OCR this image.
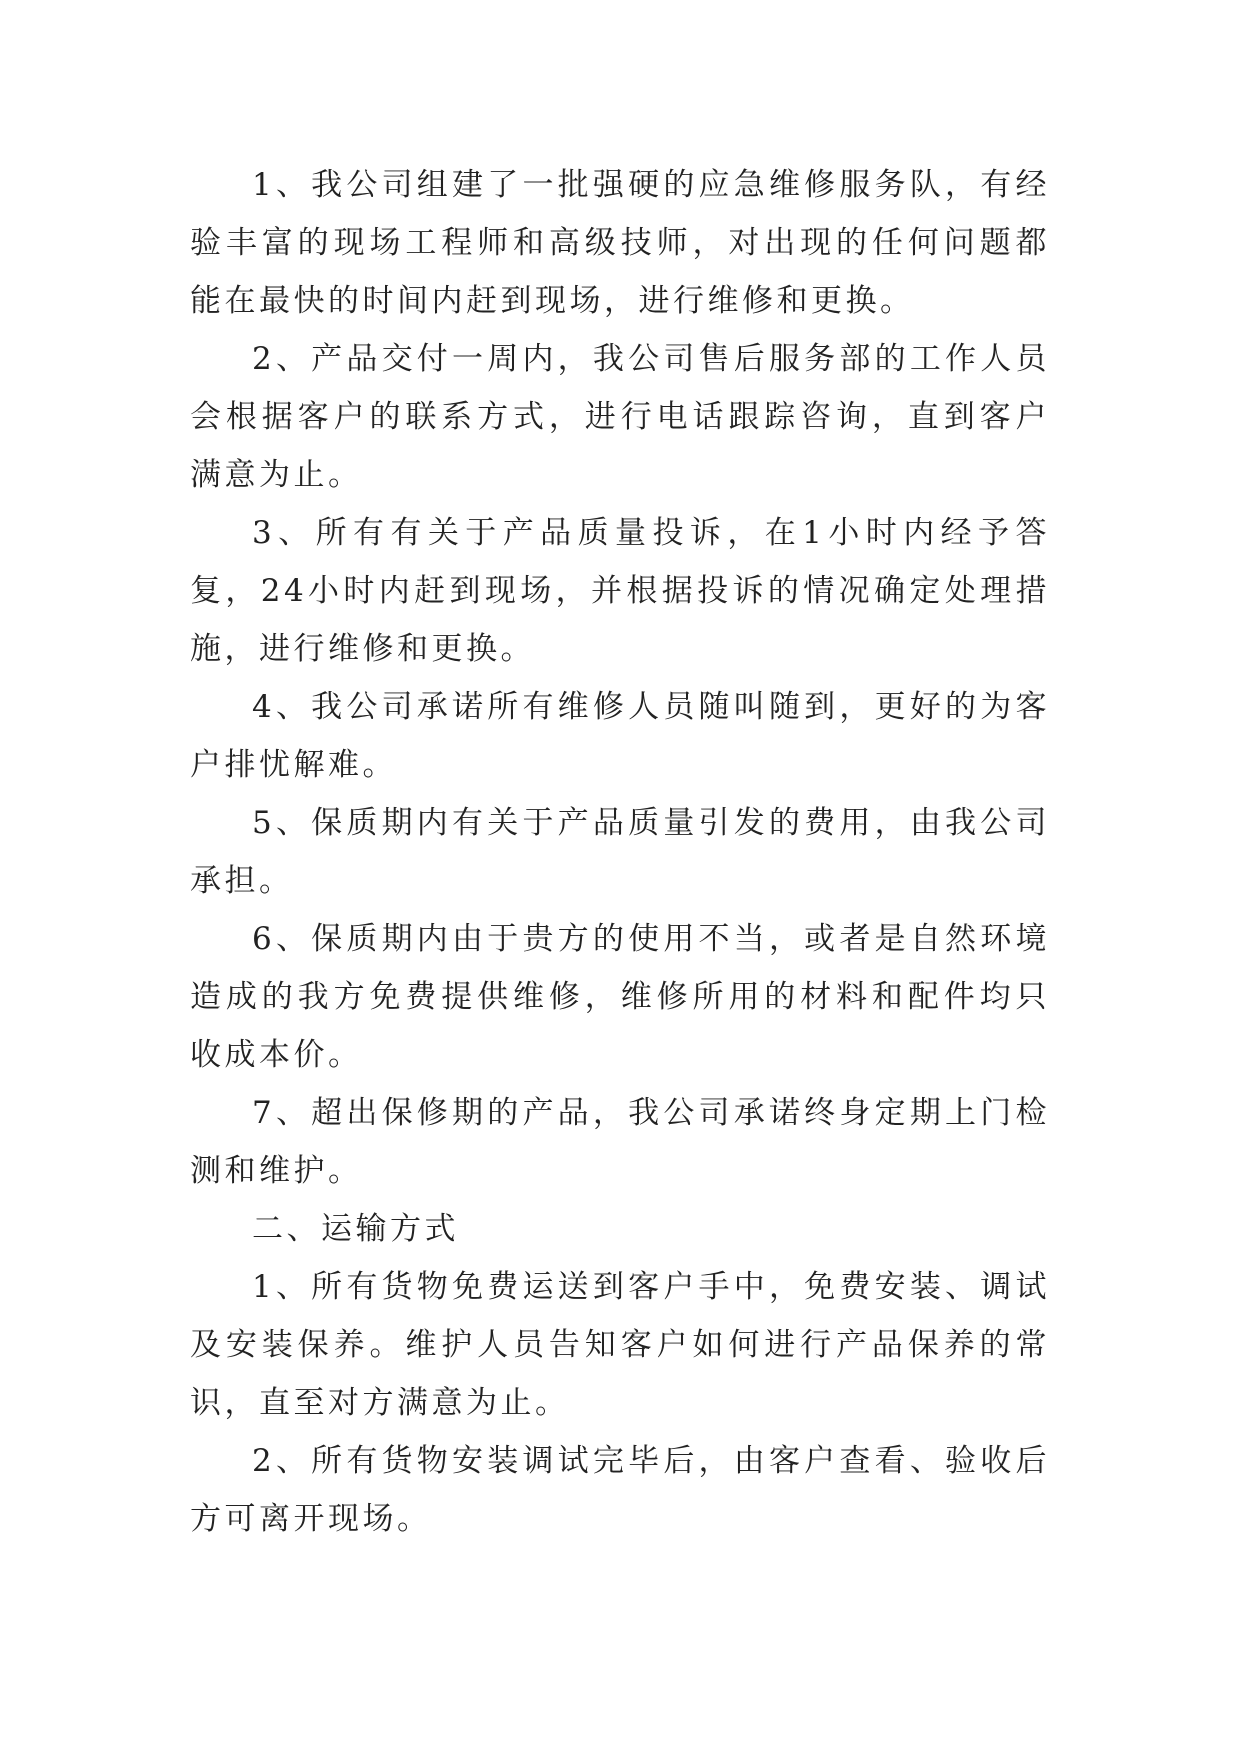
1、我公司组建了一批强硬的应急维修服务队，有经验丰富的现场工程师和高级技师，对出现的任何问题都能在最快的时间内赶到现场，进行维修和更换。

2、产品交付一周内，我公司售后服务部的工作人员会根据客户的联系方式，进行电话跟踪咨询，直到客户满意为止。

3、所有有关于产品质量投诉，在1小时内经予答复，24小时内赶到现场，并根据投诉的情况确定处理措施，进行维修和更换。

4、我公司承诺所有维修人员随叫随到，更好的为客户排忧解难。

5、保质期内有关于产品质量引发的费用，由我公司承担。

6、保质期内由于贵方的使用不当，或者是自然环境造成的我方免费提供维修，维修所用的材料和配件均只收成本价。

7、超出保修期的产品，我公司承诺终身定期上门检测和维护。

二、运输方式

1、所有货物免费运送到客户手中，免费安装、调试及安装保养。维护人员告知客户如何进行产品保养的常识，直至对方满意为止。

2、所有货物安装调试完毕后，由客户查看、验收后方可离开现场。
